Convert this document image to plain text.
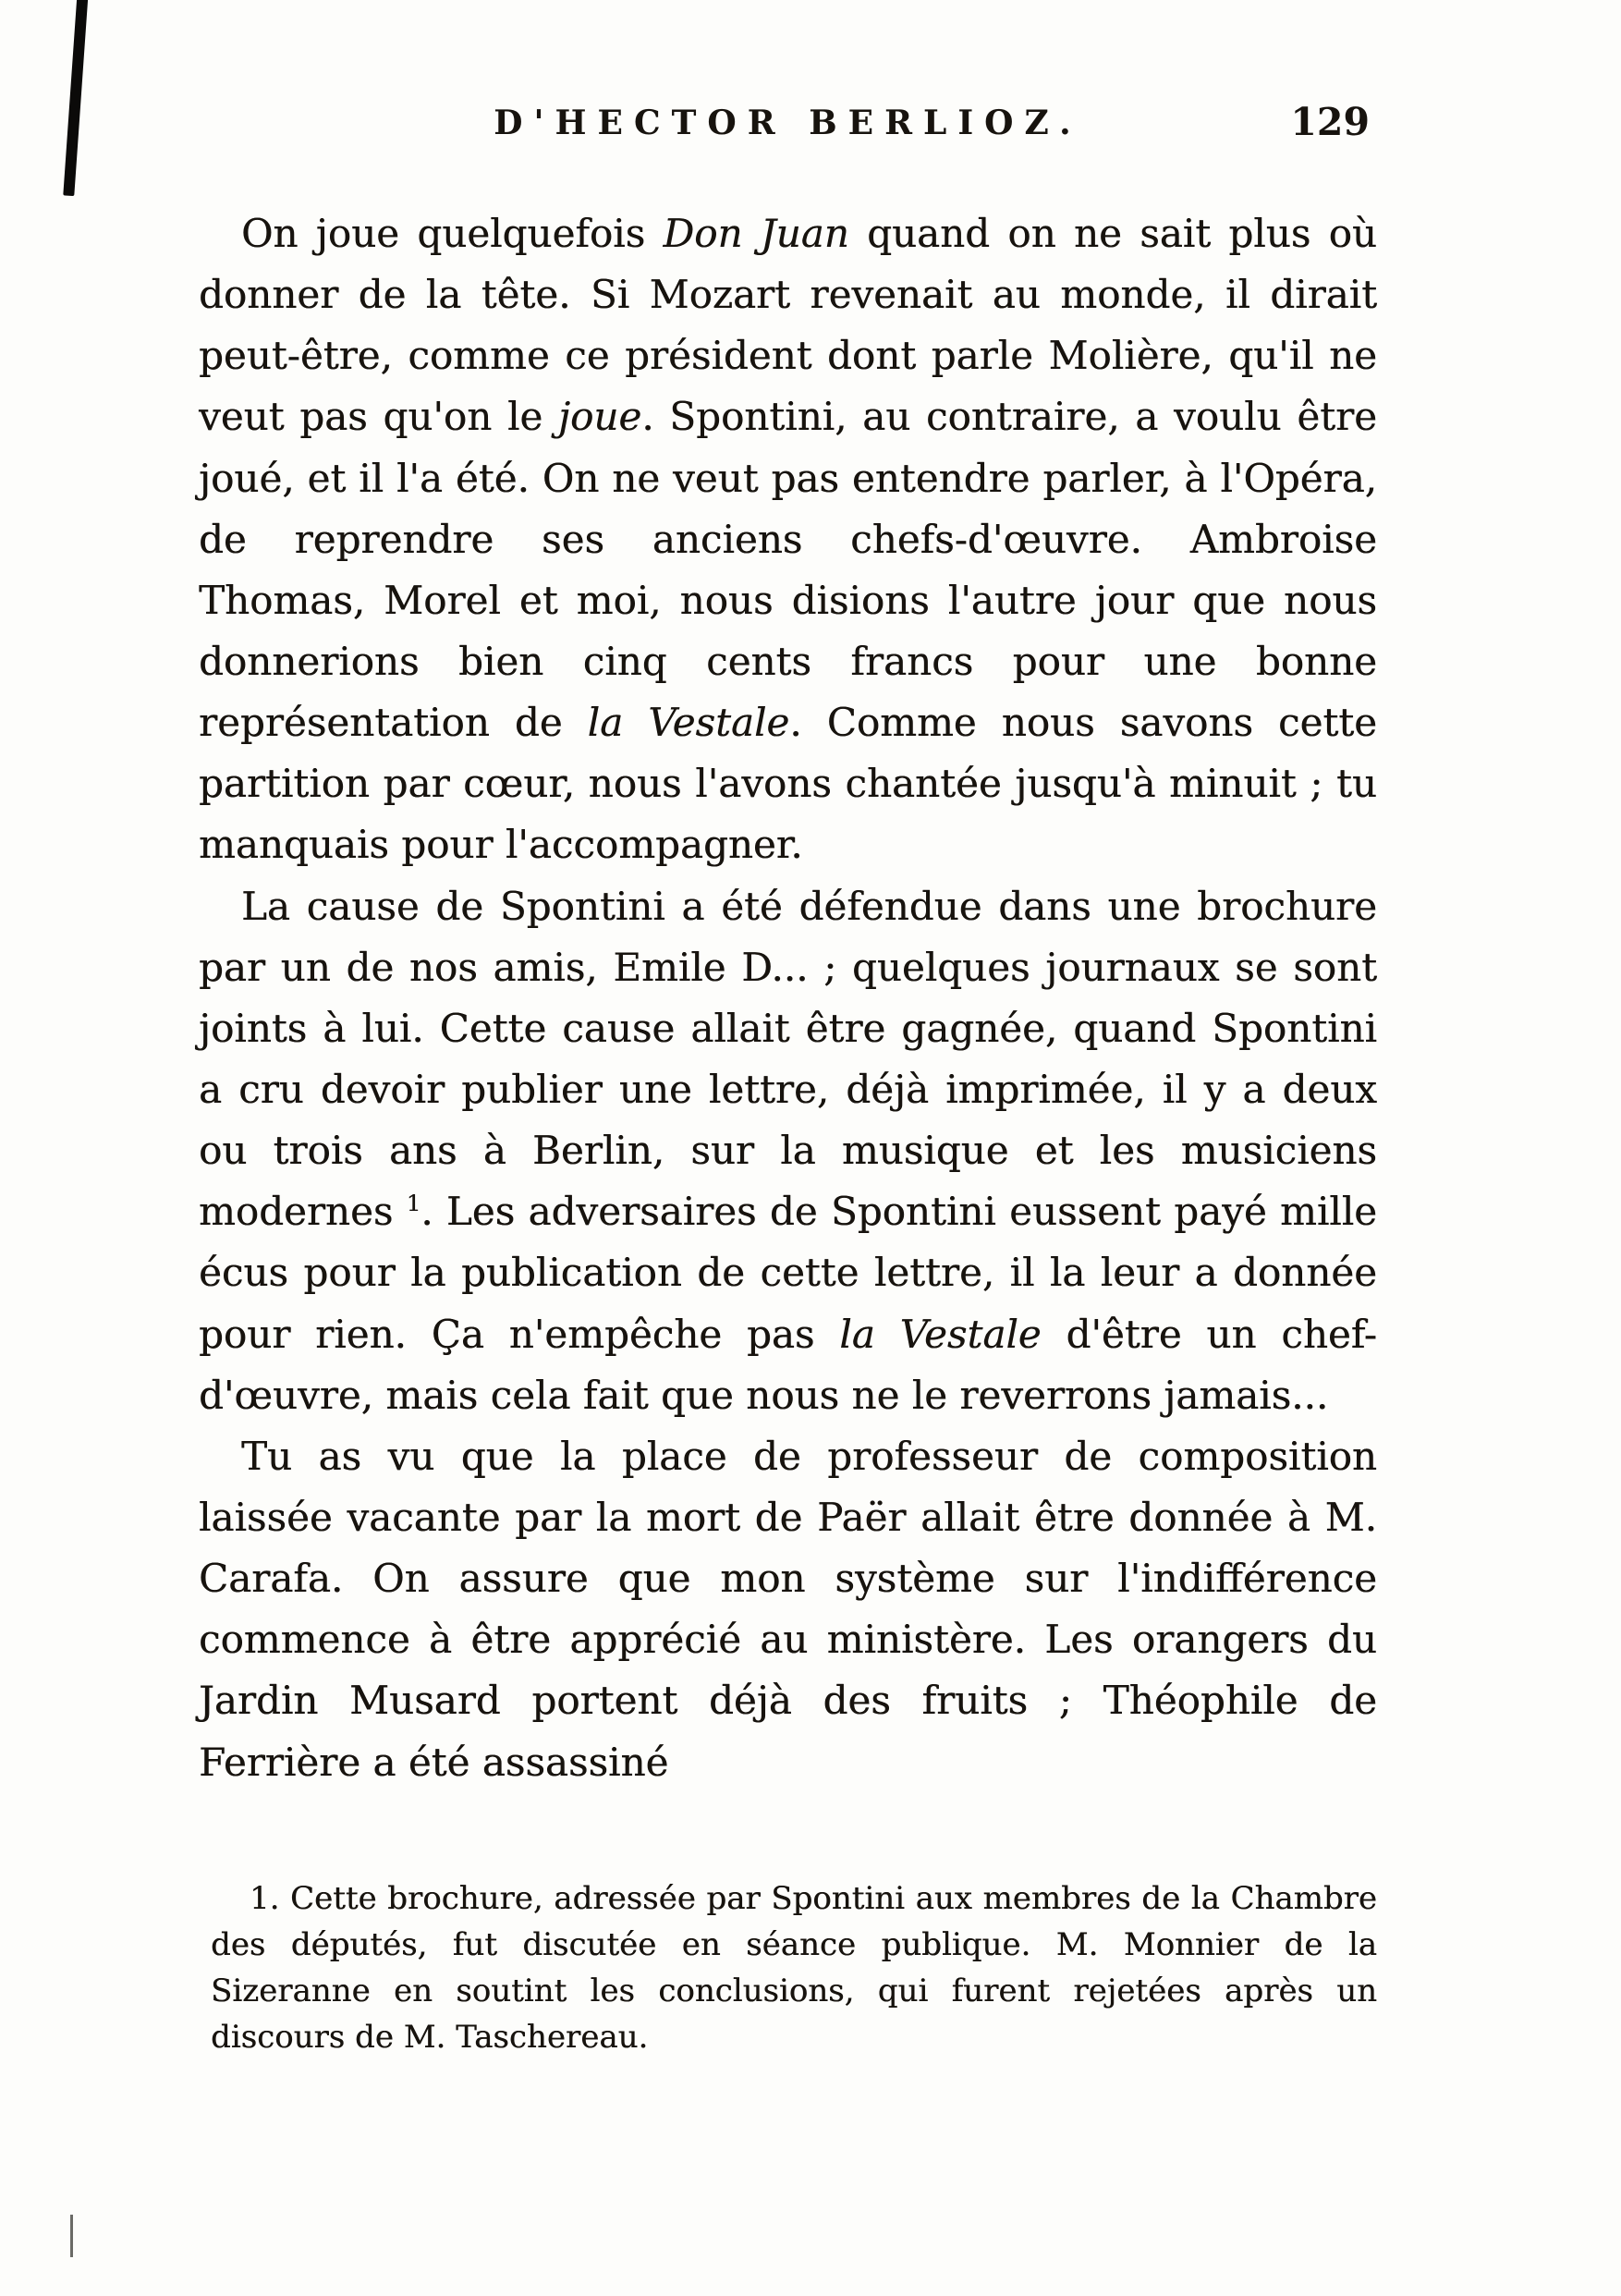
D'HECTOR BERLIOZ.	129

On joue quelquefois Don Juan quand on ne sait plus où donner de la tête. Si Mozart revenait au monde, il dirait peut-être, comme ce président dont parle Molière, qu'il ne veut pas qu'on le joue. Spontini, au contraire, a voulu être joué, et il l'a été. On ne veut pas entendre parler, à l'Opéra, de reprendre ses anciens chefs-d'œuvre. Ambroise Thomas, Morel et moi, nous disions l'autre jour que nous donnerions bien cinq cents francs pour une bonne représentation de la Vestale. Comme nous savons cette partition par cœur, nous l'avons chantée jusqu'à minuit ; tu manquais pour l'accompagner.

La cause de Spontini a été défendue dans une brochure par un de nos amis, Emile D... ; quelques journaux se sont joints à lui. Cette cause allait être gagnée, quand Spontini a cru devoir publier une lettre, déjà imprimée, il y a deux ou trois ans à Berlin, sur la musique et les musiciens modernes $^1$. Les adversaires de Spontini eussent payé mille écus pour la publication de cette lettre, il la leur a donnée pour rien. Ça n'empêche pas la Vestale d'être un chef-d'œuvre, mais cela fait que nous ne le reverrons jamais...

Tu as vu que la place de professeur de composition laissée vacante par la mort de Paër allait être donnée à M. Carafa. On assure que mon système sur l'indifférence commence à être apprécié au ministère. Les orangers du Jardin Musard portent déjà des fruits ; Théophile de Ferrière a été assassiné

1. Cette brochure, adressée par Spontini aux membres de la Chambre des députés, fut discutée en séance publique. M. Monnier de la Sizeranne en soutint les conclusions, qui furent rejetées après un discours de M. Taschereau.
